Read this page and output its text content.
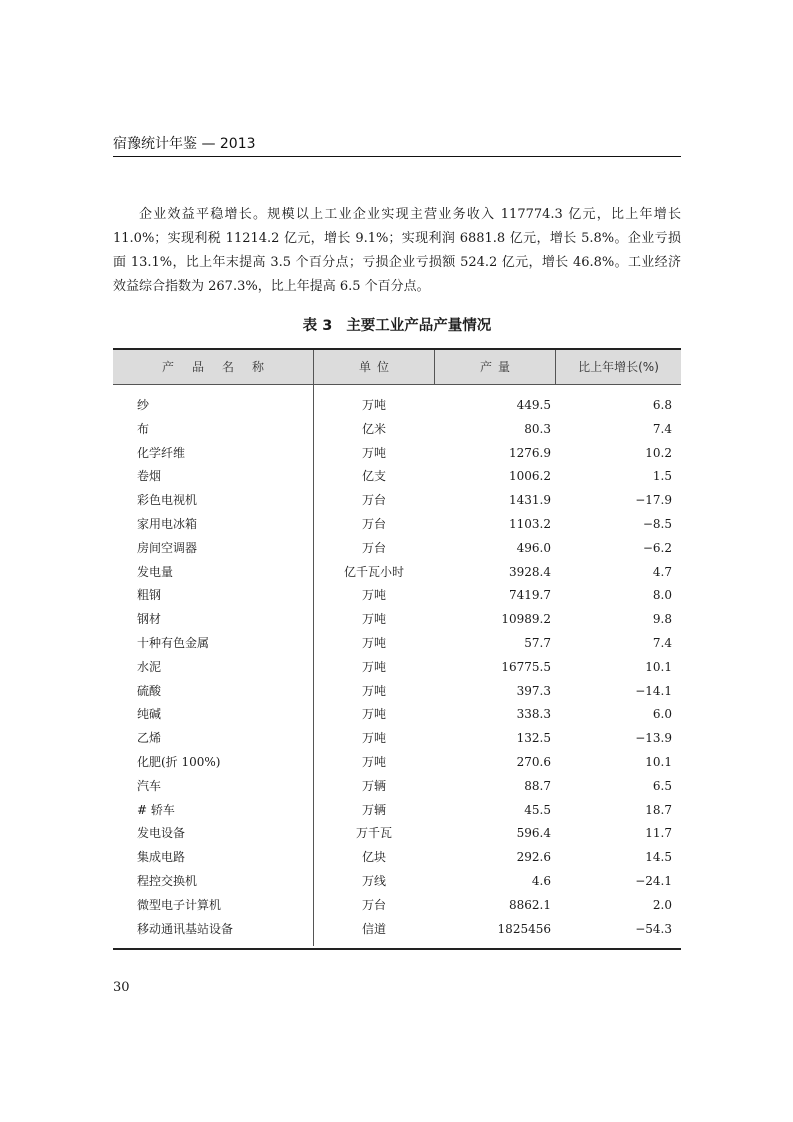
宿豫统计年鉴 — 2013

企业效益平稳增长。规模以上工业企业实现主营业务收入 117774.3 亿元，比上年增长 11.0%；实现利税 11214.2 亿元，增长 9.1%；实现利润 6881.8 亿元，增长 5.8%。企业亏损面 13.1%，比上年末提高 3.5 个百分点；亏损企业亏损额 524.2 亿元，增长 46.8%。工业经济效益综合指数为 267.3%，比上年提高 6.5 个百分点。

表 3 主要工业产品产量情况
产品名称	单位	产量	比上年增长(%)
纱	万吨	449.5	6.8
布	亿米	80.3	7.4
化学纤维	万吨	1276.9	10.2
卷烟	亿支	1006.2	1.5
彩色电视机	万台	1431.9	−17.9
家用电冰箱	万台	1103.2	−8.5
房间空调器	万台	496.0	−6.2
发电量	亿千瓦小时	3928.4	4.7
粗钢	万吨	7419.7	8.0
钢材	万吨	10989.2	9.8
十种有色金属	万吨	57.7	7.4
水泥	万吨	16775.5	10.1
硫酸	万吨	397.3	−14.1
纯碱	万吨	338.3	6.0
乙烯	万吨	132.5	−13.9
化肥(折 100%)	万吨	270.6	10.1
汽车	万辆	88.7	6.5
# 轿车	万辆	45.5	18.7
发电设备	万千瓦	596.4	11.7
集成电路	亿块	292.6	14.5
程控交换机	万线	4.6	−24.1
微型电子计算机	万台	8862.1	2.0
移动通讯基站设备	信道	1825456	−54.3
30
